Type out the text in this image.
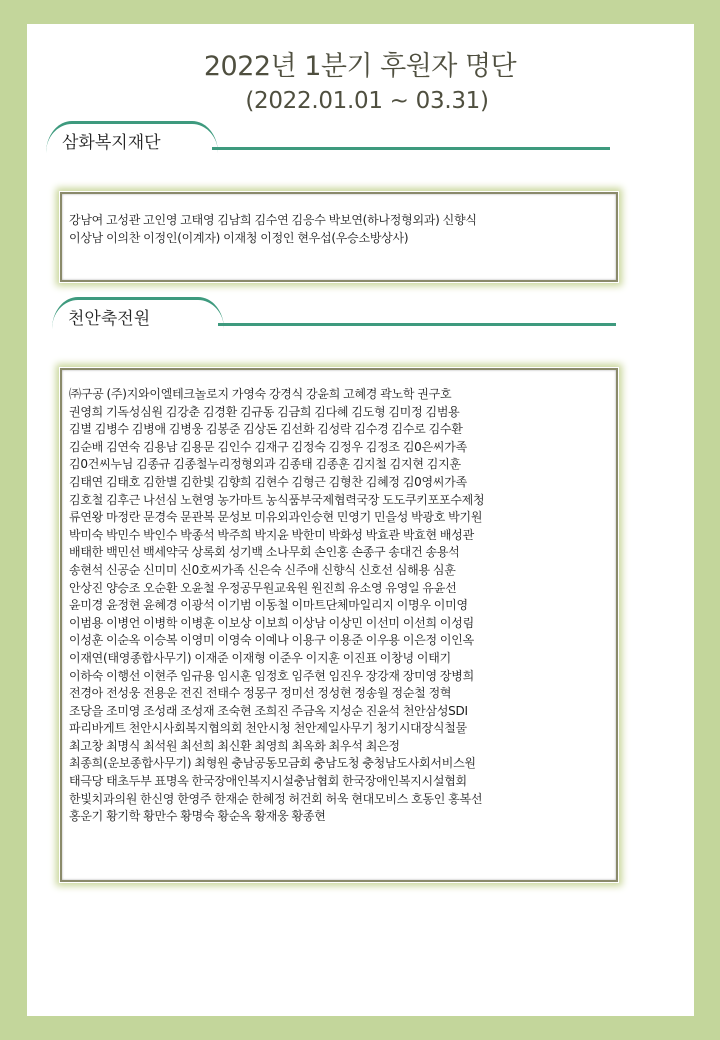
2022년 1분기 후원자 명단
(2022.01.01 ~ 03.31)
삼화복지재단
강남여 고성관 고인영 고태영 김남희 김수연 김응수 박보연(하나정형외과) 신향식
이상남 이의찬 이정인(이계자) 이재청 이정인 현우섭(우승소방상사)
천안축전원
㈜구공 (주)지와이엘테크놀로지 가영숙 강경식 강윤희 고혜경 곽노학 권구호
권영희 기독성심원 김강춘 김경환 김규동 김금희 김다혜 김도형 김미정 김범용
김별 김병수 김병애 김병웅 김봉준 김상돈 김선화 김성락 김수경 김수로 김수환
김순배 김연숙 김용남 김용문 김인수 김재구 김정숙 김정우 김정조 김0은씨가족
김0건씨누님 김종규 김종철누리정형외과 김종태 김종훈 김지철 김지현 김지훈
김태연 김태호 김한별 김한빛 김향희 김현수 김형근 김형찬 김혜정 김0영씨가족
김호철 김후근 나선심 노현영 농가마트 농식품부국제협력국장 도도쿠키포포수제청
류연왕 마정란 문경숙 문관복 문성보 미유외과인승현 민영기 민을성 박광호 박기원
박미숙 박민수 박인수 박종석 박주희 박지윤 박한미 박화성 박효관 박효현 배성관
배태한 백민선 백세약국 상록회 성기백 소나무회 손인홍 손종구 송대건 송용석
송현석 신공순 신미미 신0호씨가족 신은숙 신주애 신향식 신호선 심해용 심훈
안상진 양승조 오순환 오윤철 우정공무원교육원 원진희 유소영 유영일 유윤선
윤미경 윤정현 윤혜경 이광석 이기범 이동철 이마트단체마일리지 이명우 이미영
이범용 이병언 이병학 이병훈 이보상 이보희 이상남 이상민 이선미 이선희 이성림
이성훈 이순옥 이승복 이영미 이영숙 이예나 이용구 이용준 이우용 이은정 이인옥
이재연(태영종합사무기) 이재준 이재형 이준우 이지훈 이진표 이창녕 이태기
이하숙 이행선 이현주 임규용 임시훈 임정호 임주현 임진우 장강재 장미영 장병희
전경아 전성웅 전용운 전진 전태수 정몽구 정미선 정성현 정송월 정순철 정혁
조당을 조미영 조성래 조성재 조숙현 조희진 주금옥 지성순 진윤석 천안삼성SDI
파리바게트 천안시사회복지협의회 천안시청 천안제일사무기 청기시대장식철물
최고창 최명식 최석원 최선희 최신환 최영희 최옥화 최우석 최은정
최종희(운보종합사무기) 최형원 충남공동모금회 충남도청 충청남도사회서비스원
태극당 태초두부 표명옥 한국장애인복지시설충남협회 한국장애인복지시설협회
한빛치과의원 한신영 한영주 한재순 한혜정 허건회 허욱 현대모비스 호동인 홍복선
홍운기 황기학 황만수 황명숙 황순옥 황재웅 황종현
